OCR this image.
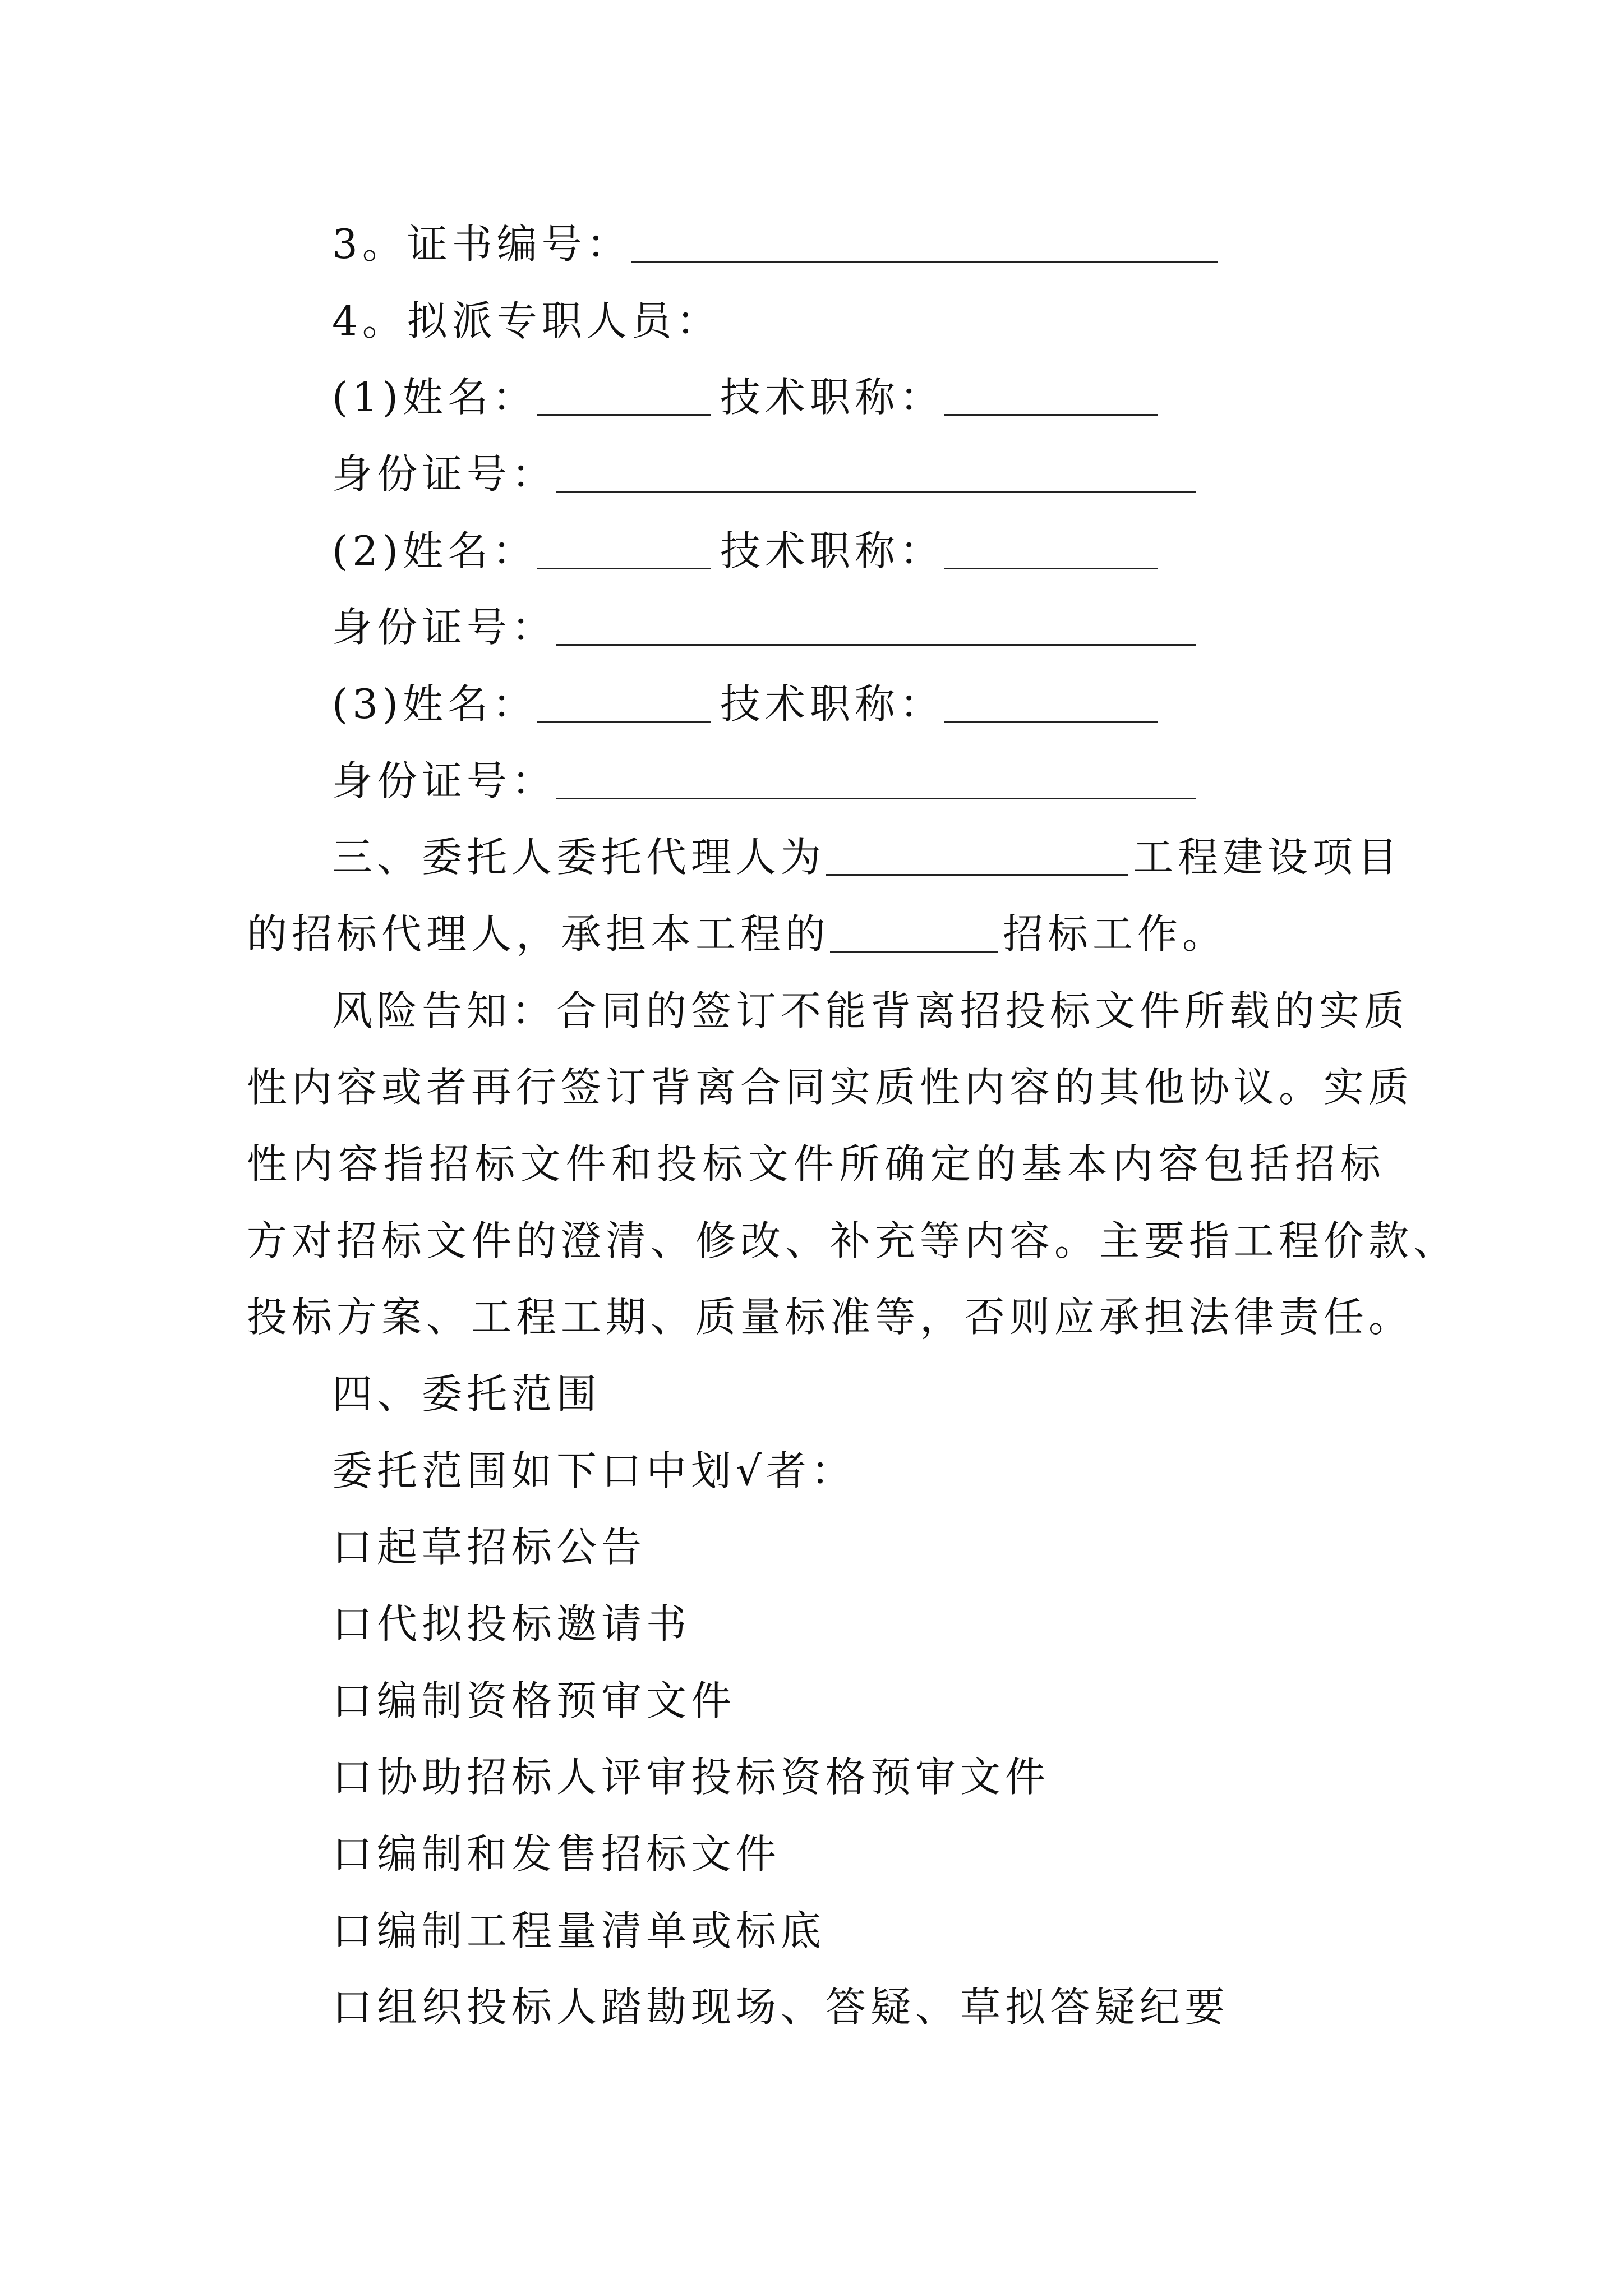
3。证书编号：
4。拟派专职人员：
(1)姓名：	技术职称：
身份证号：
(2)姓名：	技术职称：
身份证号：
(3)姓名：	技术职称：
身份证号：
三、委托人委托代理人为	工程建设项目
的招标代理人，承担本工程的	招标工作。
风险告知：合同的签订不能背离招投标文件所载的实质
性内容或者再行签订背离合同实质性内容的其他协议。实质
性内容指招标文件和投标文件所确定的基本内容包括招标
方对招标文件的澄清、修改、补充等内容。主要指工程价款、
投标方案、工程工期、质量标准等，否则应承担法律责任。
四、委托范围
委托范围如下口中划√者：
口起草招标公告
口代拟投标邀请书
口编制资格预审文件
口协助招标人评审投标资格预审文件
口编制和发售招标文件
口编制工程量清单或标底
口组织投标人踏勘现场、答疑、草拟答疑纪要
